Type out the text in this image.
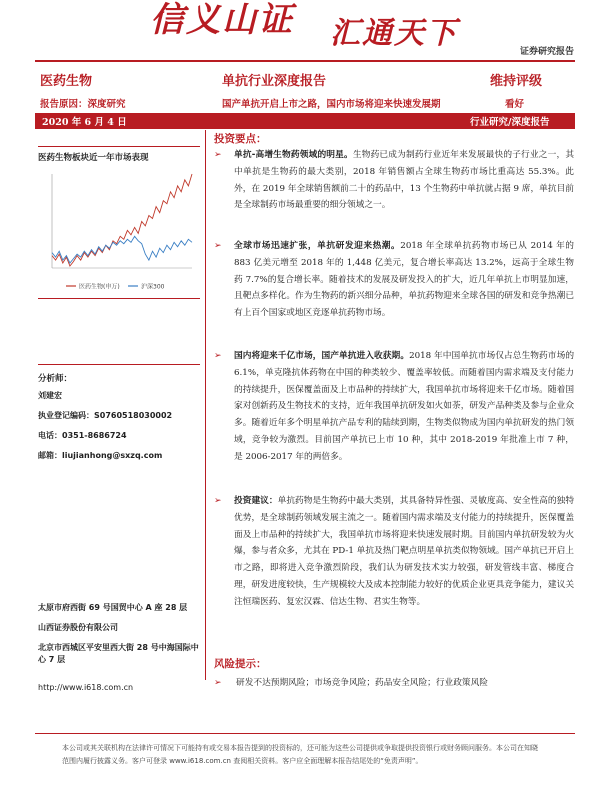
信义山证 汇通天下
证券研究报告
医药生物	单抗行业深度报告	维持评级
报告原因：深度研究	国产单抗开启上市之路，国内市场将迎来快速发展期	看好
2020 年 6 月 4 日	行业研究/深度报告
医药生物板块近一年市场表现
医药生物(申万)	沪深300
分析师：
刘建宏
执业登记编码：S0760518030002
电话：0351-8686724
邮箱：liujianhong@sxzq.com
太原市府西街 69 号国贸中心 A 座 28 层
山西证券股份有限公司
北京市西城区平安里西大街 28 号中海国际中心 7 层
http://www.i618.com.cn
投资要点：
➢ 单抗-高增生物药领域的明星。生物药已成为制药行业近年来发展最快的子行业之一，其中单抗是生物药的最大类别，2018 年销售额占全球生物药市场比重高达 55.3%。此外，在 2019 年全球销售额前二十的药品中，13 个生物药中单抗就占据 9 席，单抗目前是全球制药市场最重要的细分领域之一。
➢ 全球市场迅速扩张，单抗研发迎来热潮。2018 年全球单抗药物市场已从 2014 年的 883 亿美元增至 2018 年的 1,448 亿美元，复合增长率高达 13.2%，远高于全球生物药 7.7%的复合增长率。随着技术的发展及研发投入的扩大，近几年单抗上市明显加速，且靶点多样化。作为生物药的新兴细分品种，单抗药物迎来全球各国的研发和竞争热潮已有上百个国家或地区竞逐单抗药物市场。
➢ 国内将迎来千亿市场，国产单抗进入收获期。2018 年中国单抗市场仅占总生物药市场的 6.1%，单克隆抗体药物在中国的种类较少、覆盖率较低。而随着国内需求端及支付能力的持续提升，医保覆盖面及上市品种的持续扩大，我国单抗市场将迎来千亿市场。随着国家对创新药及生物技术的支持，近年我国单抗研发如火如荼，研发产品种类及参与企业众多。随着近年多个明星单抗产品专利的陆续到期，生物类似物成为国内单抗研发的热门领域，竞争较为激烈。目前国产单抗已上市 10 种，其中 2018-2019 年批准上市 7 种，是 2006-2017 年的两倍多。
➢ 投资建议：单抗药物是生物药中最大类别，其具备特异性强、灵敏度高、安全性高的独特优势，是全球制药领域发展主流之一。随着国内需求端及支付能力的持续提升，医保覆盖面及上市品种的持续扩大，我国单抗市场将迎来快速发展时期。目前国内单抗研发较为火爆，参与者众多，尤其在 PD-1 单抗及热门靶点明星单抗类似物领域。国产单抗已开启上市之路，即将进入竞争激烈阶段，我们认为研发技术实力较强，研发管线丰富、梯度合理，研发进度较快，生产规模较大及成本控制能力较好的优质企业更具竞争能力，建议关注恒瑞医药、复宏汉霖、信达生物、君实生物等。
风险提示：
➢ 研发不达预期风险；市场竞争风险；药品安全风险；行业政策风险
本公司或其关联机构在法律许可情况下可能持有或交易本报告提到的投资标的，还可能为这些公司提供或争取提供投资银行或财务顾问服务。本公司在知晓范围内履行披露义务。客户可登录 www.i618.com.cn 查阅相关资料。客户应全面理解本报告结尾处的“免责声明”。
